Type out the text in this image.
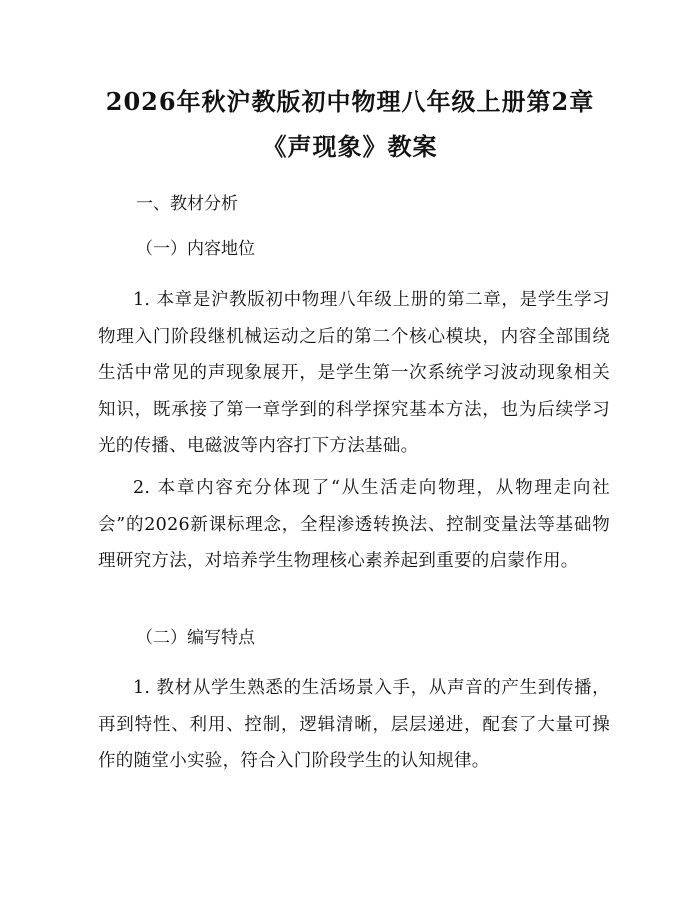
2026年秋沪教版初中物理八年级上册第2章
《声现象》教案
一、教材分析
（一）内容地位
1. 本章是沪教版初中物理八年级上册的第二章，是学生学习物理入门阶段继机械运动之后的第二个核心模块，内容全部围绕生活中常见的声现象展开，是学生第一次系统学习波动现象相关知识，既承接了第一章学到的科学探究基本方法，也为后续学习光的传播、电磁波等内容打下方法基础。
2. 本章内容充分体现了“从生活走向物理，从物理走向社会”的2026新课标理念，全程渗透转换法、控制变量法等基础物理研究方法，对培养学生物理核心素养起到重要的启蒙作用。
（二）编写特点
1. 教材从学生熟悉的生活场景入手，从声音的产生到传播，再到特性、利用、控制，逻辑清晰，层层递进，配套了大量可操作的随堂小实验，符合入门阶段学生的认知规律。
